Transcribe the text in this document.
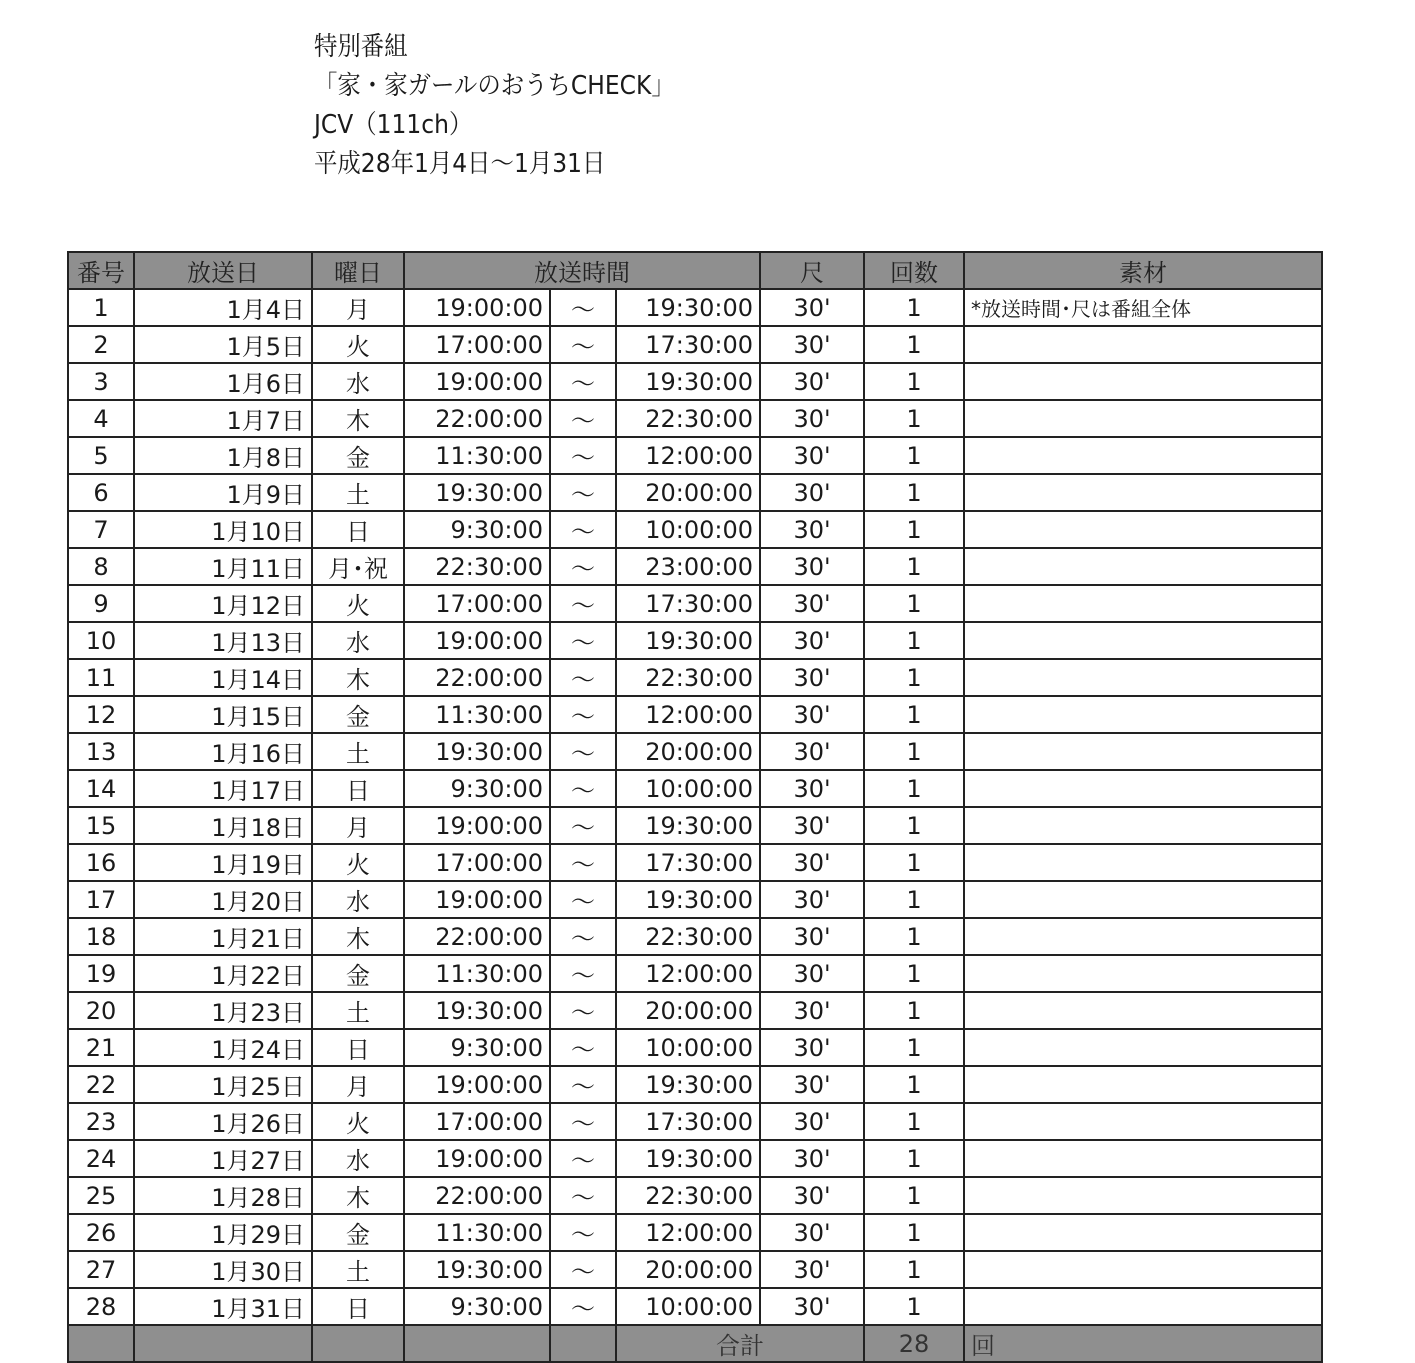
特別番組
「家・家ガールのおうちCHECK」
JCV（111ch）
平成28年1月4日～1月31日
番号	放送日	曜日	放送時間			尺	回数	素材
1	1月4日	月	19:00:00	～	19:30:00	30'	1	*放送時間･尺は番組全体
2	1月5日	火	17:00:00	～	17:30:00	30'	1	
3	1月6日	水	19:00:00	～	19:30:00	30'	1	
4	1月7日	木	22:00:00	～	22:30:00	30'	1	
5	1月8日	金	11:30:00	～	12:00:00	30'	1	
6	1月9日	土	19:30:00	～	20:00:00	30'	1	
7	1月10日	日	9:30:00	～	10:00:00	30'	1	
8	1月11日	月･祝	22:30:00	～	23:00:00	30'	1	
9	1月12日	火	17:00:00	～	17:30:00	30'	1	
10	1月13日	水	19:00:00	～	19:30:00	30'	1	
11	1月14日	木	22:00:00	～	22:30:00	30'	1	
12	1月15日	金	11:30:00	～	12:00:00	30'	1	
13	1月16日	土	19:30:00	～	20:00:00	30'	1	
14	1月17日	日	9:30:00	～	10:00:00	30'	1	
15	1月18日	月	19:00:00	～	19:30:00	30'	1	
16	1月19日	火	17:00:00	～	17:30:00	30'	1	
17	1月20日	水	19:00:00	～	19:30:00	30'	1	
18	1月21日	木	22:00:00	～	22:30:00	30'	1	
19	1月22日	金	11:30:00	～	12:00:00	30'	1	
20	1月23日	土	19:30:00	～	20:00:00	30'	1	
21	1月24日	日	9:30:00	～	10:00:00	30'	1	
22	1月25日	月	19:00:00	～	19:30:00	30'	1	
23	1月26日	火	17:00:00	～	17:30:00	30'	1	
24	1月27日	水	19:00:00	～	19:30:00	30'	1	
25	1月28日	木	22:00:00	～	22:30:00	30'	1	
26	1月29日	金	11:30:00	～	12:00:00	30'	1	
27	1月30日	土	19:30:00	～	20:00:00	30'	1	
28	1月31日	日	9:30:00	～	10:00:00	30'	1	
					合計		28	回
